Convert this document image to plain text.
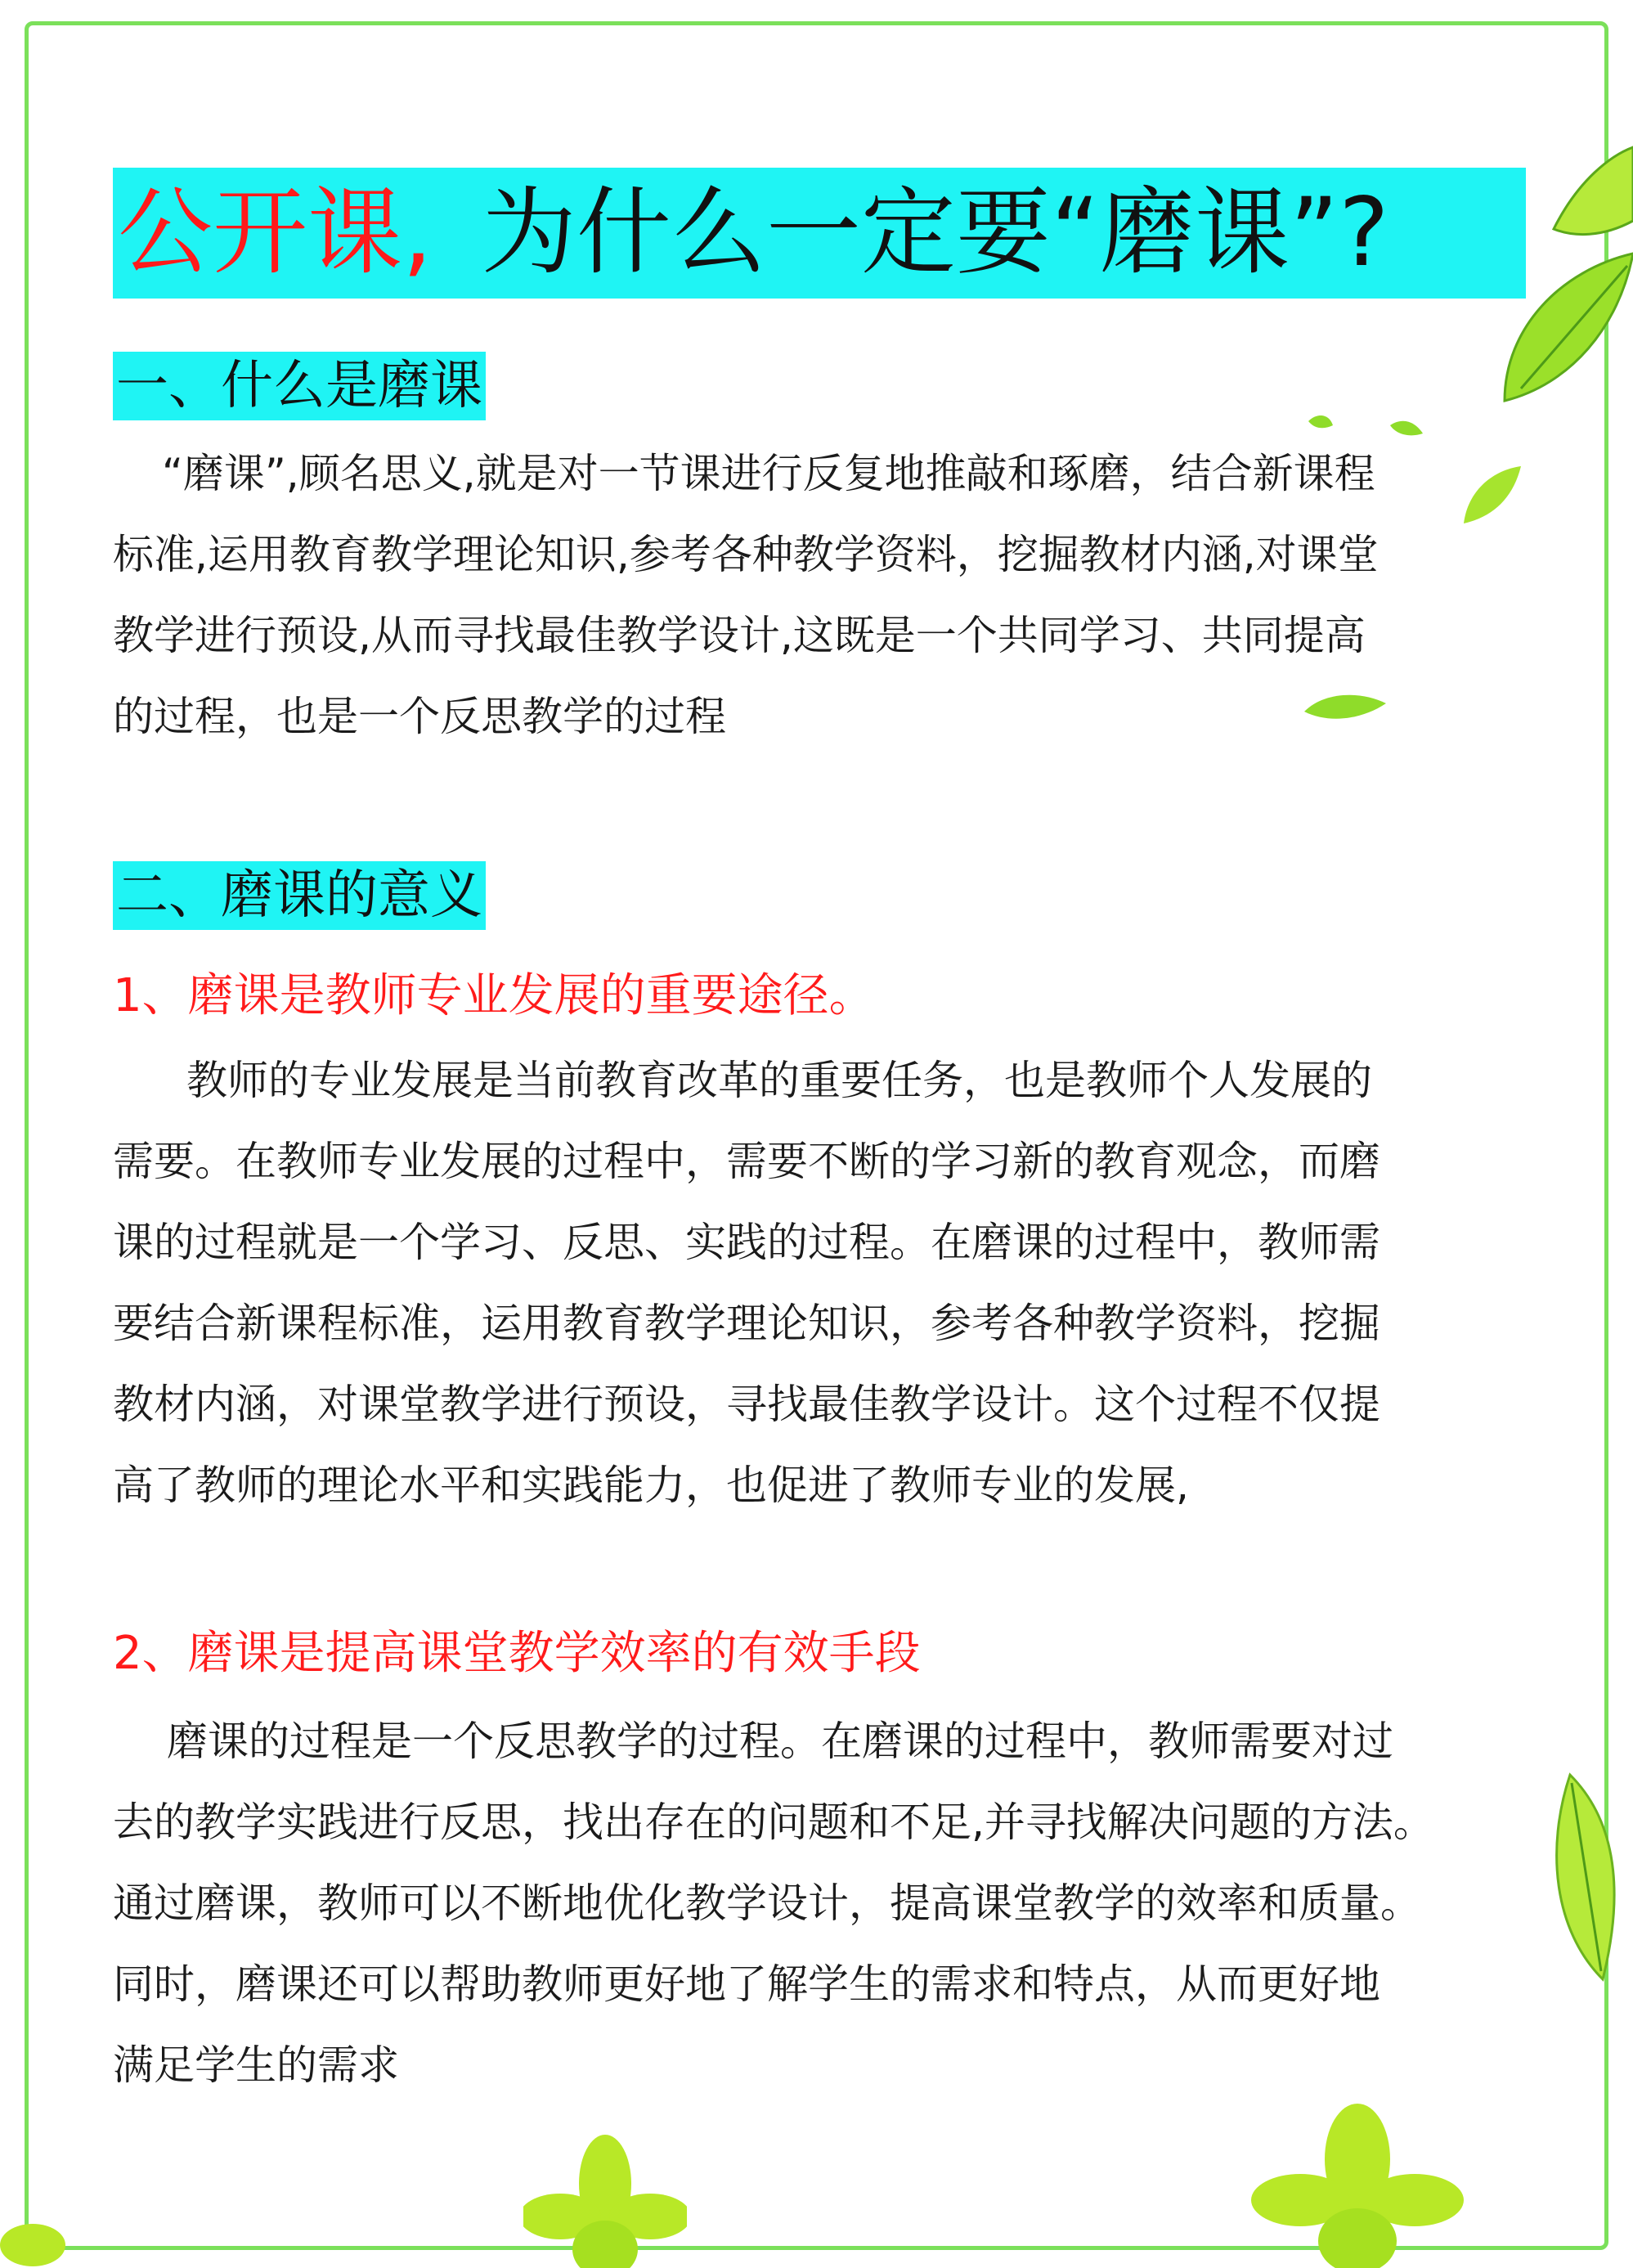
公开课, 为什么一定要“磨课”?
一、什么是磨课
“磨课”,顾名思义,就是对一节课进行反复地推敲和琢磨，结合新课程
标准,运用教育教学理论知识,参考各种教学资料，挖掘教材内涵,对课堂
教学进行预设,从而寻找最佳教学设计,这既是一个共同学习、共同提高
的过程，也是一个反思教学的过程
二、磨课的意义
1、磨课是教师专业发展的重要途径。
教师的专业发展是当前教育改革的重要任务，也是教师个人发展的
需要。在教师专业发展的过程中，需要不断的学习新的教育观念，而磨
课的过程就是一个学习、反思、实践的过程。在磨课的过程中，教师需
要结合新课程标准，运用教育教学理论知识，参考各种教学资料，挖掘
教材内涵，对课堂教学进行预设，寻找最佳教学设计。这个过程不仅提
高了教师的理论水平和实践能力，也促进了教师专业的发展,
2、磨课是提高课堂教学效率的有效手段
磨课的过程是一个反思教学的过程。在磨课的过程中，教师需要对过
去的教学实践进行反思，找出存在的问题和不足,并寻找解决问题的方法。
通过磨课，教师可以不断地优化教学设计，提高课堂教学的效率和质量。
同时，磨课还可以帮助教师更好地了解学生的需求和特点，从而更好地
满足学生的需求
